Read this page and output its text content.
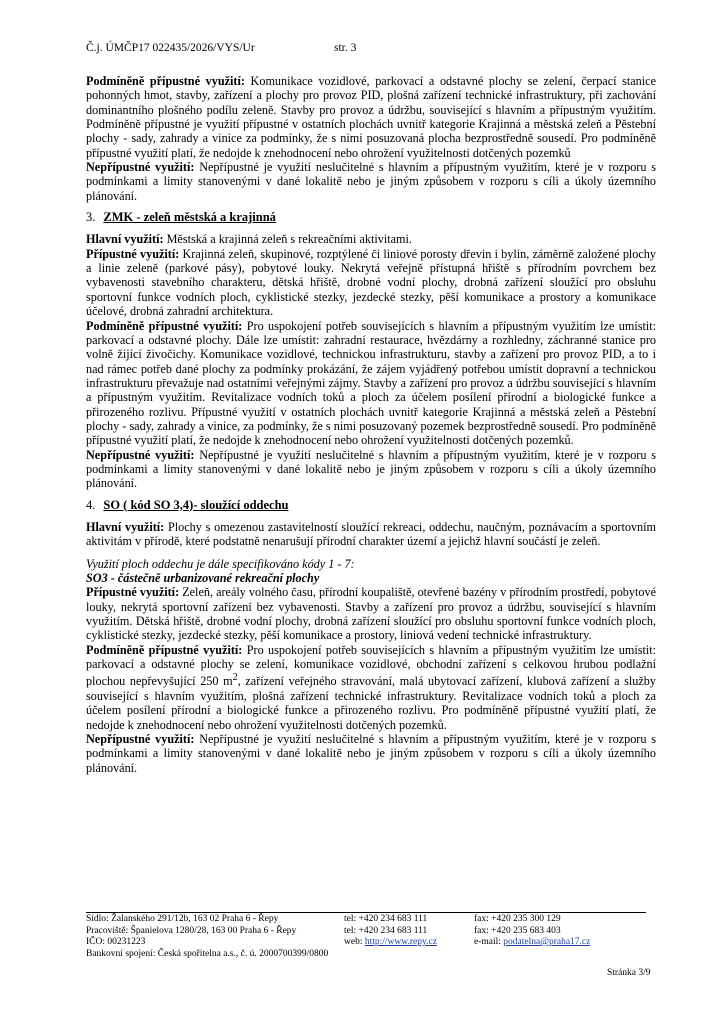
Č.j. ÚMČP17 022435/2026/VYS/Ur	str. 3

Podmíněně přípustné využití: Komunikace vozidlové, parkovací a odstavné plochy se zelení, čerpací stanice pohonných hmot, stavby, zařízení a plochy pro provoz PID, plošná zařízení technické infrastruktury, při zachování dominantního plošného podílu zeleně. Stavby pro provoz a údržbu, související s hlavním a přípustným využitím. Podmíněně přípustné je využití přípustné v ostatních plochách uvnitř kategorie Krajinná a městská zeleň a Pěstební plochy - sady, zahrady a vinice za podmínky, že s nimi posuzovaná plocha bezprostředně sousedí. Pro podmíněně přípustné využití platí, že nedojde k znehodnocení nebo ohrožení využitelnosti dotčených pozemků

Nepřípustné využití: Nepřípustné je využití neslučitelné s hlavním a přípustným využitím, které je v rozporu s podmínkami a limity stanovenými v dané lokalitě nebo je jiným způsobem v rozporu s cíli a úkoly územního plánování.

3. ZMK - zeleň městská a krajinná

Hlavní využití: Městská a krajinná zeleň s rekreačními aktivitami.

Přípustné využití: Krajinná zeleň, skupinové, rozptýlené či liniové porosty dřevin i bylin, záměrně založené plochy a linie zeleně (parkové pásy), pobytové louky. Nekrytá veřejně přístupná hřiště s přírodním povrchem bez vybavenosti stavebního charakteru, dětská hřiště, drobné vodní plochy, drobná zařízení sloužící pro obsluhu sportovní funkce vodních ploch, cyklistické stezky, jezdecké stezky, pěší komunikace a prostory a komunikace účelové, drobná zahradní architektura.

Podmíněně přípustné využití: Pro uspokojení potřeb souvisejících s hlavním a přípustným využitím lze umístit: parkovací a odstavné plochy. Dále lze umístit: zahradní restaurace, hvězdárny a rozhledny, záchranné stanice pro volně žijící živočichy. Komunikace vozidlové, technickou infrastrukturu, stavby a zařízení pro provoz PID, a to i nad rámec potřeb dané plochy za podmínky prokázání, že zájem vyjádřený potřebou umístit dopravní a technickou infrastrukturu převažuje nad ostatními veřejnými zájmy. Stavby a zařízení pro provoz a údržbu související s hlavním a přípustným využitím. Revitalizace vodních toků a ploch za účelem posílení přírodní a biologické funkce a přirozeného rozlivu. Přípustné využití v ostatních plochách uvnitř kategorie Krajinná a městská zeleň a Pěstební plochy - sady, zahrady a vinice, za podmínky, že s nimi posuzovaný pozemek bezprostředně sousedí. Pro podmíněně přípustné využití platí, že nedojde k znehodnocení nebo ohrožení využitelnosti dotčených pozemků.

Nepřípustné využití: Nepřípustné je využití neslučitelné s hlavním a přípustným využitím, které je v rozporu s podmínkami a limity stanovenými v dané lokalitě nebo je jiným způsobem v rozporu s cíli a úkoly územního plánování.

4. SO ( kód SO 3,4)- sloužící oddechu

Hlavní využití: Plochy s omezenou zastavitelností sloužící rekreaci, oddechu, naučným, poznávacím a sportovním aktivitám v přírodě, které podstatně nenarušují přírodní charakter území a jejichž hlavní součástí je zeleň.

Využití ploch oddechu je dále specifikováno kódy 1 - 7:

SO3 - částečně urbanizované rekreační plochy

Přípustné využití: Zeleň, areály volného času, přírodní koupaliště, otevřené bazény v přírodním prostředí, pobytové louky, nekrytá sportovní zařízení bez vybavenosti. Stavby a zařízení pro provoz a údržbu, související s hlavním využitím. Dětská hřiště, drobné vodní plochy, drobná zařízení sloužící pro obsluhu sportovní funkce vodních ploch, cyklistické stezky, jezdecké stezky, pěší komunikace a prostory, liniová vedení technické infrastruktury.

Podmíněně přípustné využití: Pro uspokojení potřeb souvisejících s hlavním a přípustným využitím lze umístit: parkovací a odstavné plochy se zelení, komunikace vozidlové, obchodní zařízení s celkovou hrubou podlažní plochou nepřevyšující 250 $m^2$, zařízení veřejného stravování, malá ubytovací zařízení, klubová zařízení a služby související s hlavním využitím, plošná zařízení technické infrastruktury. Revitalizace vodních toků a ploch za účelem posílení přírodní a biologické funkce a přirozeného rozlivu. Pro podmíněně přípustné využití platí, že nedojde k znehodnocení nebo ohrožení využitelnosti dotčených pozemků.

Nepřípustné využití: Nepřípustné je využití neslučitelné s hlavním a přípustným využitím, které je v rozporu s podmínkami a limity stanovenými v dané lokalitě nebo je jiným způsobem v rozporu s cíli a úkoly územního plánování.

Sídlo: Žalanského 291/12b, 163 02 Praha 6 - Řepy
Pracoviště: Španielova 1280/28, 163 00 Praha 6 - Řepy
IČO: 00231223
Bankovní spojení: Česká spořitelna a.s., č. ú. 2000700399/0800
tel: +420 234 683 111
tel: +420 234 683 111
web: http://www.repy.cz
fax: +420 235 300 129
fax: +420 235 683 403
e-mail: podatelna@praha17.cz
Stránka 3/9
